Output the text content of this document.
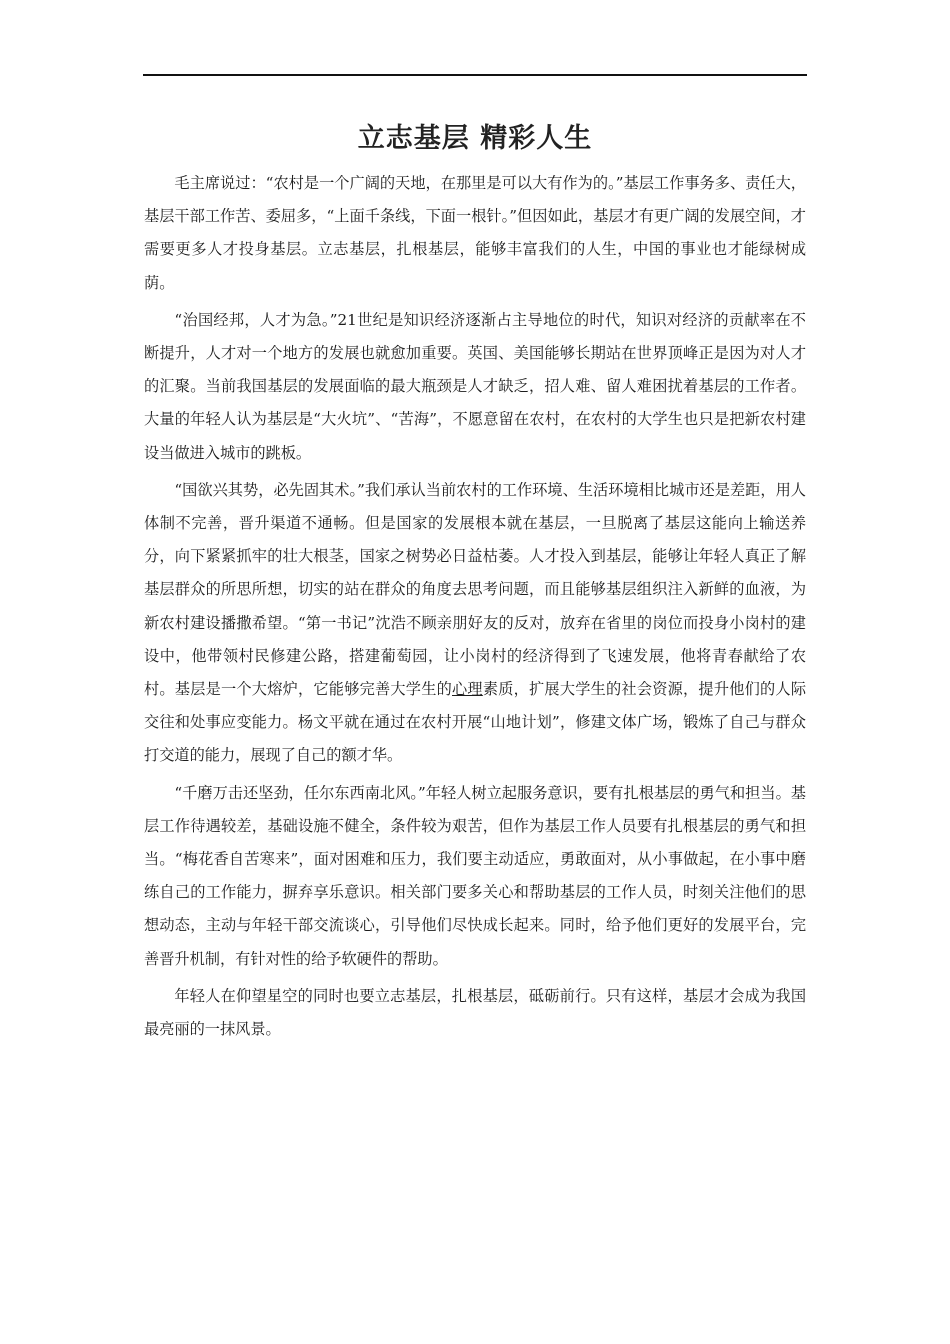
立志基层 精彩人生

毛主席说过：“农村是一个广阔的天地，在那里是可以大有作为的。”基层工作事务多、责任大，基层干部工作苦、委屈多，“上面千条线，下面一根针。”但因如此，基层才有更广阔的发展空间，才需要更多人才投身基层。立志基层，扎根基层，能够丰富我们的人生，中国的事业也才能绿树成荫。

“治国经邦，人才为急。”21世纪是知识经济逐渐占主导地位的时代，知识对经济的贡献率在不断提升，人才对一个地方的发展也就愈加重要。英国、美国能够长期站在世界顶峰正是因为对人才的汇聚。当前我国基层的发展面临的最大瓶颈是人才缺乏，招人难、留人难困扰着基层的工作者。大量的年轻人认为基层是“大火坑”、“苦海”，不愿意留在农村，在农村的大学生也只是把新农村建设当做进入城市的跳板。

“国欲兴其势，必先固其术。”我们承认当前农村的工作环境、生活环境相比城市还是差距，用人体制不完善，晋升渠道不通畅。但是国家的发展根本就在基层，一旦脱离了基层这能向上输送养分，向下紧紧抓牢的壮大根茎，国家之树势必日益枯萎。人才投入到基层，能够让年轻人真正了解基层群众的所思所想，切实的站在群众的角度去思考问题，而且能够基层组织注入新鲜的血液，为新农村建设播撒希望。“第一书记”沈浩不顾亲朋好友的反对，放弃在省里的岗位而投身小岗村的建设中，他带领村民修建公路，搭建葡萄园，让小岗村的经济得到了飞速发展，他将青春献给了农村。基层是一个大熔炉，它能够完善大学生的心理素质，扩展大学生的社会资源，提升他们的人际交往和处事应变能力。杨文平就在通过在农村开展“山地计划”，修建文体广场，锻炼了自己与群众打交道的能力，展现了自己的额才华。

“千磨万击还坚劲，任尔东西南北风。”年轻人树立起服务意识，要有扎根基层的勇气和担当。基层工作待遇较差，基础设施不健全，条件较为艰苦，但作为基层工作人员要有扎根基层的勇气和担当。“梅花香自苦寒来”，面对困难和压力，我们要主动适应，勇敢面对，从小事做起，在小事中磨练自己的工作能力，摒弃享乐意识。相关部门要多关心和帮助基层的工作人员，时刻关注他们的思想动态，主动与年轻干部交流谈心，引导他们尽快成长起来。同时，给予他们更好的发展平台，完善晋升机制，有针对性的给予软硬件的帮助。

年轻人在仰望星空的同时也要立志基层，扎根基层，砥砺前行。只有这样，基层才会成为我国最亮丽的一抹风景。
